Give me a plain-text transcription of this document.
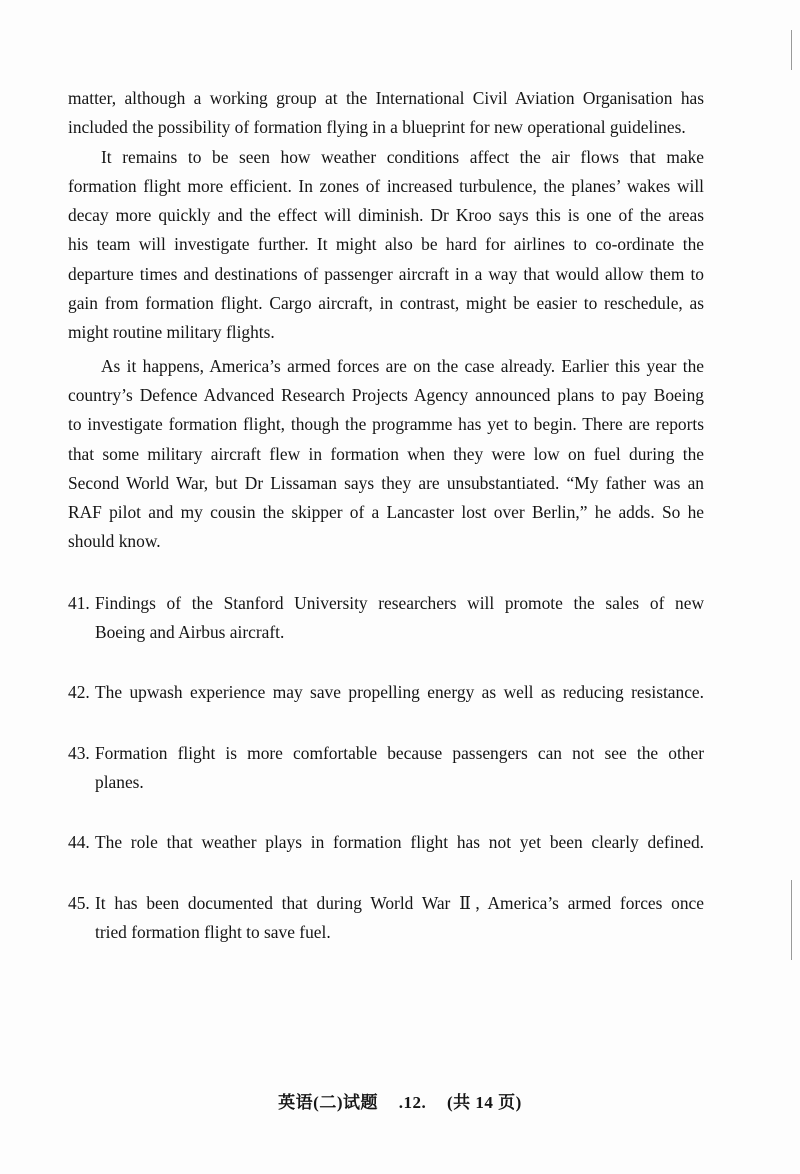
matter, although a working group at the International Civil Aviation Organisation has
included the possibility of formation flying in a blueprint for new operational guidelines.
It remains to be seen how weather conditions affect the air flows that make
formation flight more efficient. In zones of increased turbulence, the planes’ wakes will
decay more quickly and the effect will diminish. Dr Kroo says this is one of the areas
his team will investigate further. It might also be hard for airlines to co-ordinate the
departure times and destinations of passenger aircraft in a way that would allow them to
gain from formation flight. Cargo aircraft, in contrast, might be easier to reschedule, as
might routine military flights.
As it happens, America’s armed forces are on the case already. Earlier this year the
country’s Defence Advanced Research Projects Agency announced plans to pay Boeing
to investigate formation flight, though the programme has yet to begin. There are reports
that some military aircraft flew in formation when they were low on fuel during the
Second World War, but Dr Lissaman says they are unsubstantiated. “My father was an
RAF pilot and my cousin the skipper of a Lancaster lost over Berlin,” he adds. So he
should know.
41. Findings of the Stanford University researchers will promote the sales of new
Boeing and Airbus aircraft.
42. The upwash experience may save propelling energy as well as reducing resistance.
43. Formation flight is more comfortable because passengers can not see the other
planes.
44. The role that weather plays in formation flight has not yet been clearly defined.
45. It has been documented that during World War Ⅱ, America’s armed forces once
tried formation flight to save fuel.
英语(二)试题 .12. (共 14 页)
